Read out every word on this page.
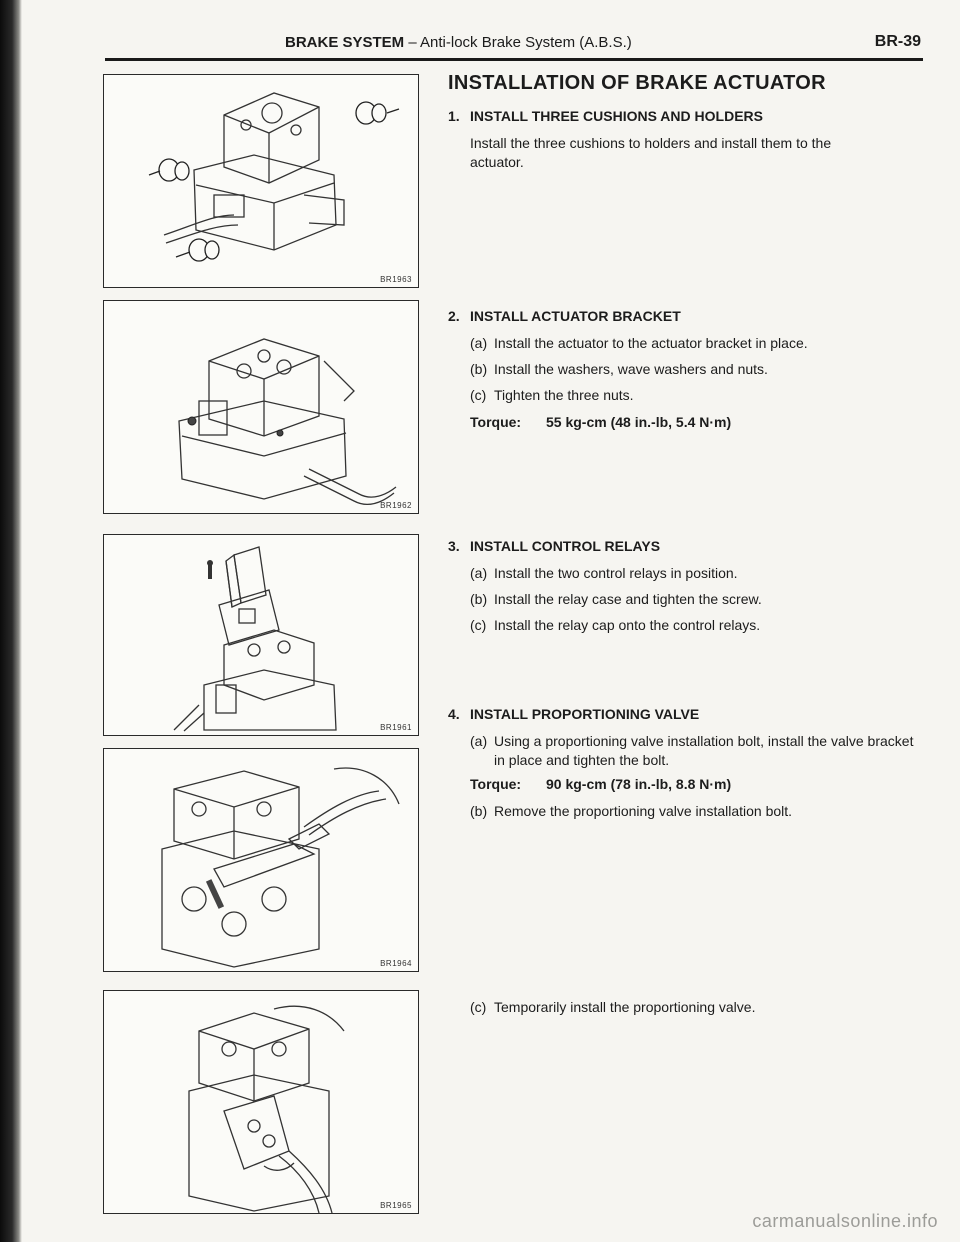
BRAKE SYSTEM – Anti-lock Brake System (A.B.S.)	BR-39
BR1963
BR1962
BR1961
BR1964
BR1965
INSTALLATION OF BRAKE ACTUATOR
1. INSTALL THREE CUSHIONS AND HOLDERS
Install the three cushions to holders and install them to the
actuator.
2. INSTALL ACTUATOR BRACKET
(a) Install the actuator to the actuator bracket in place.
(b) Install the washers, wave washers and nuts.
(c) Tighten the three nuts.
Torque: 55 kg-cm (48 in.-lb, 5.4 N·m)
3. INSTALL CONTROL RELAYS
(a) Install the two control relays in position.
(b) Install the relay case and tighten the screw.
(c) Install the relay cap onto the control relays.
4. INSTALL PROPORTIONING VALVE
(a) Using a proportioning valve installation bolt, install the valve bracket in place and tighten the bolt.
Torque: 90 kg-cm (78 in.-lb, 8.8 N·m)
(b) Remove the proportioning valve installation bolt.
(c) Temporarily install the proportioning valve.
carmanualsonline.info
